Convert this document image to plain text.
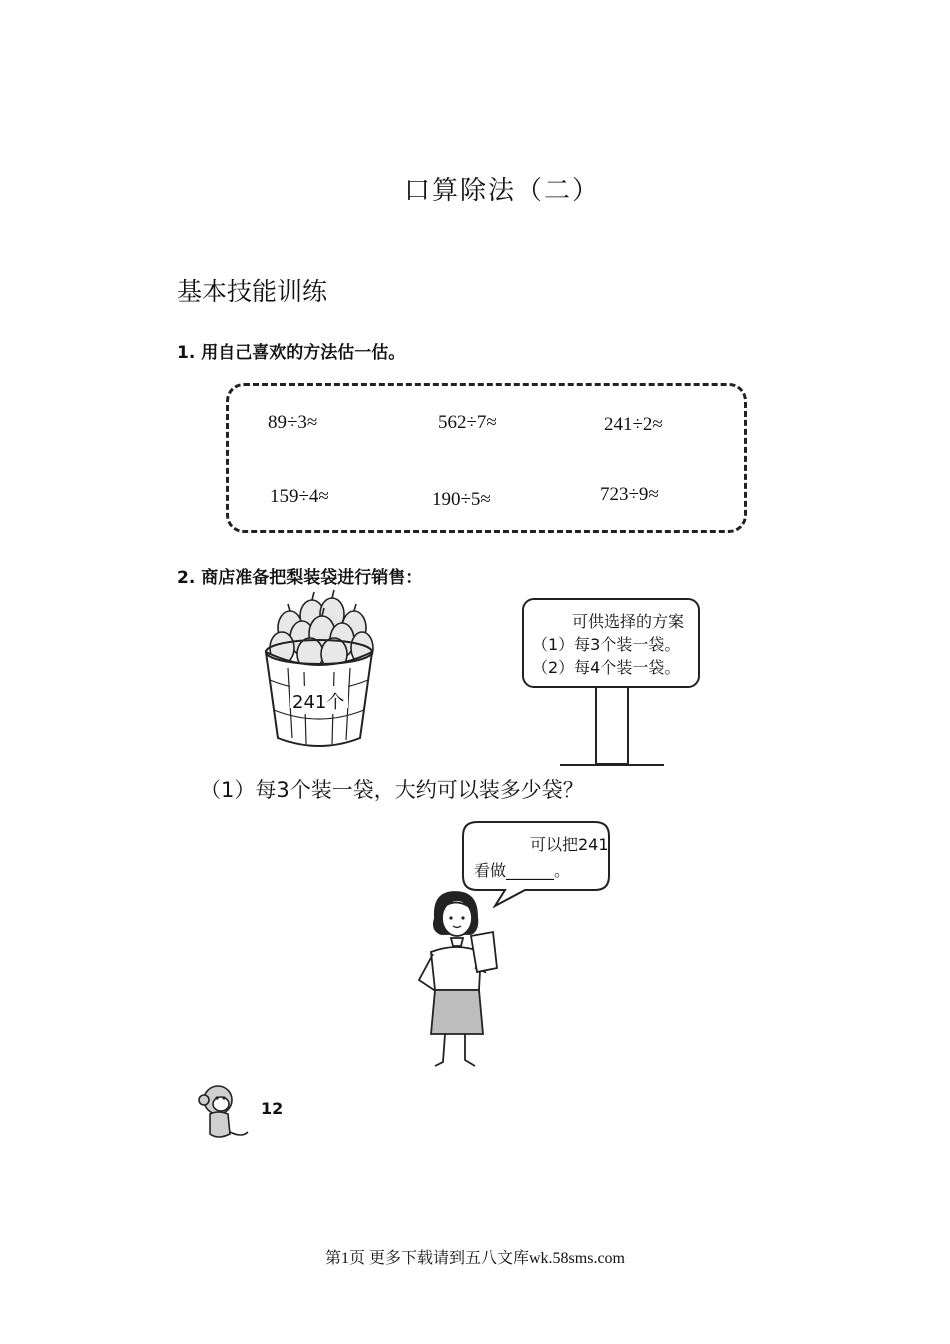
口算除法（二）
基本技能训练
1. 用自己喜欢的方法估一估。
89÷3≈	562÷7≈	241÷2≈
159÷4≈	190÷5≈	723÷9≈
2. 商店准备把梨装袋进行销售：
241个
可供选择的方案
（1）每3个装一袋。
（2）每4个装一袋。
（1）每3个装一袋，大约可以装多少袋？
可以把241
看做______。
12
第1页 更多下载请到五八文库wk.58sms.com
